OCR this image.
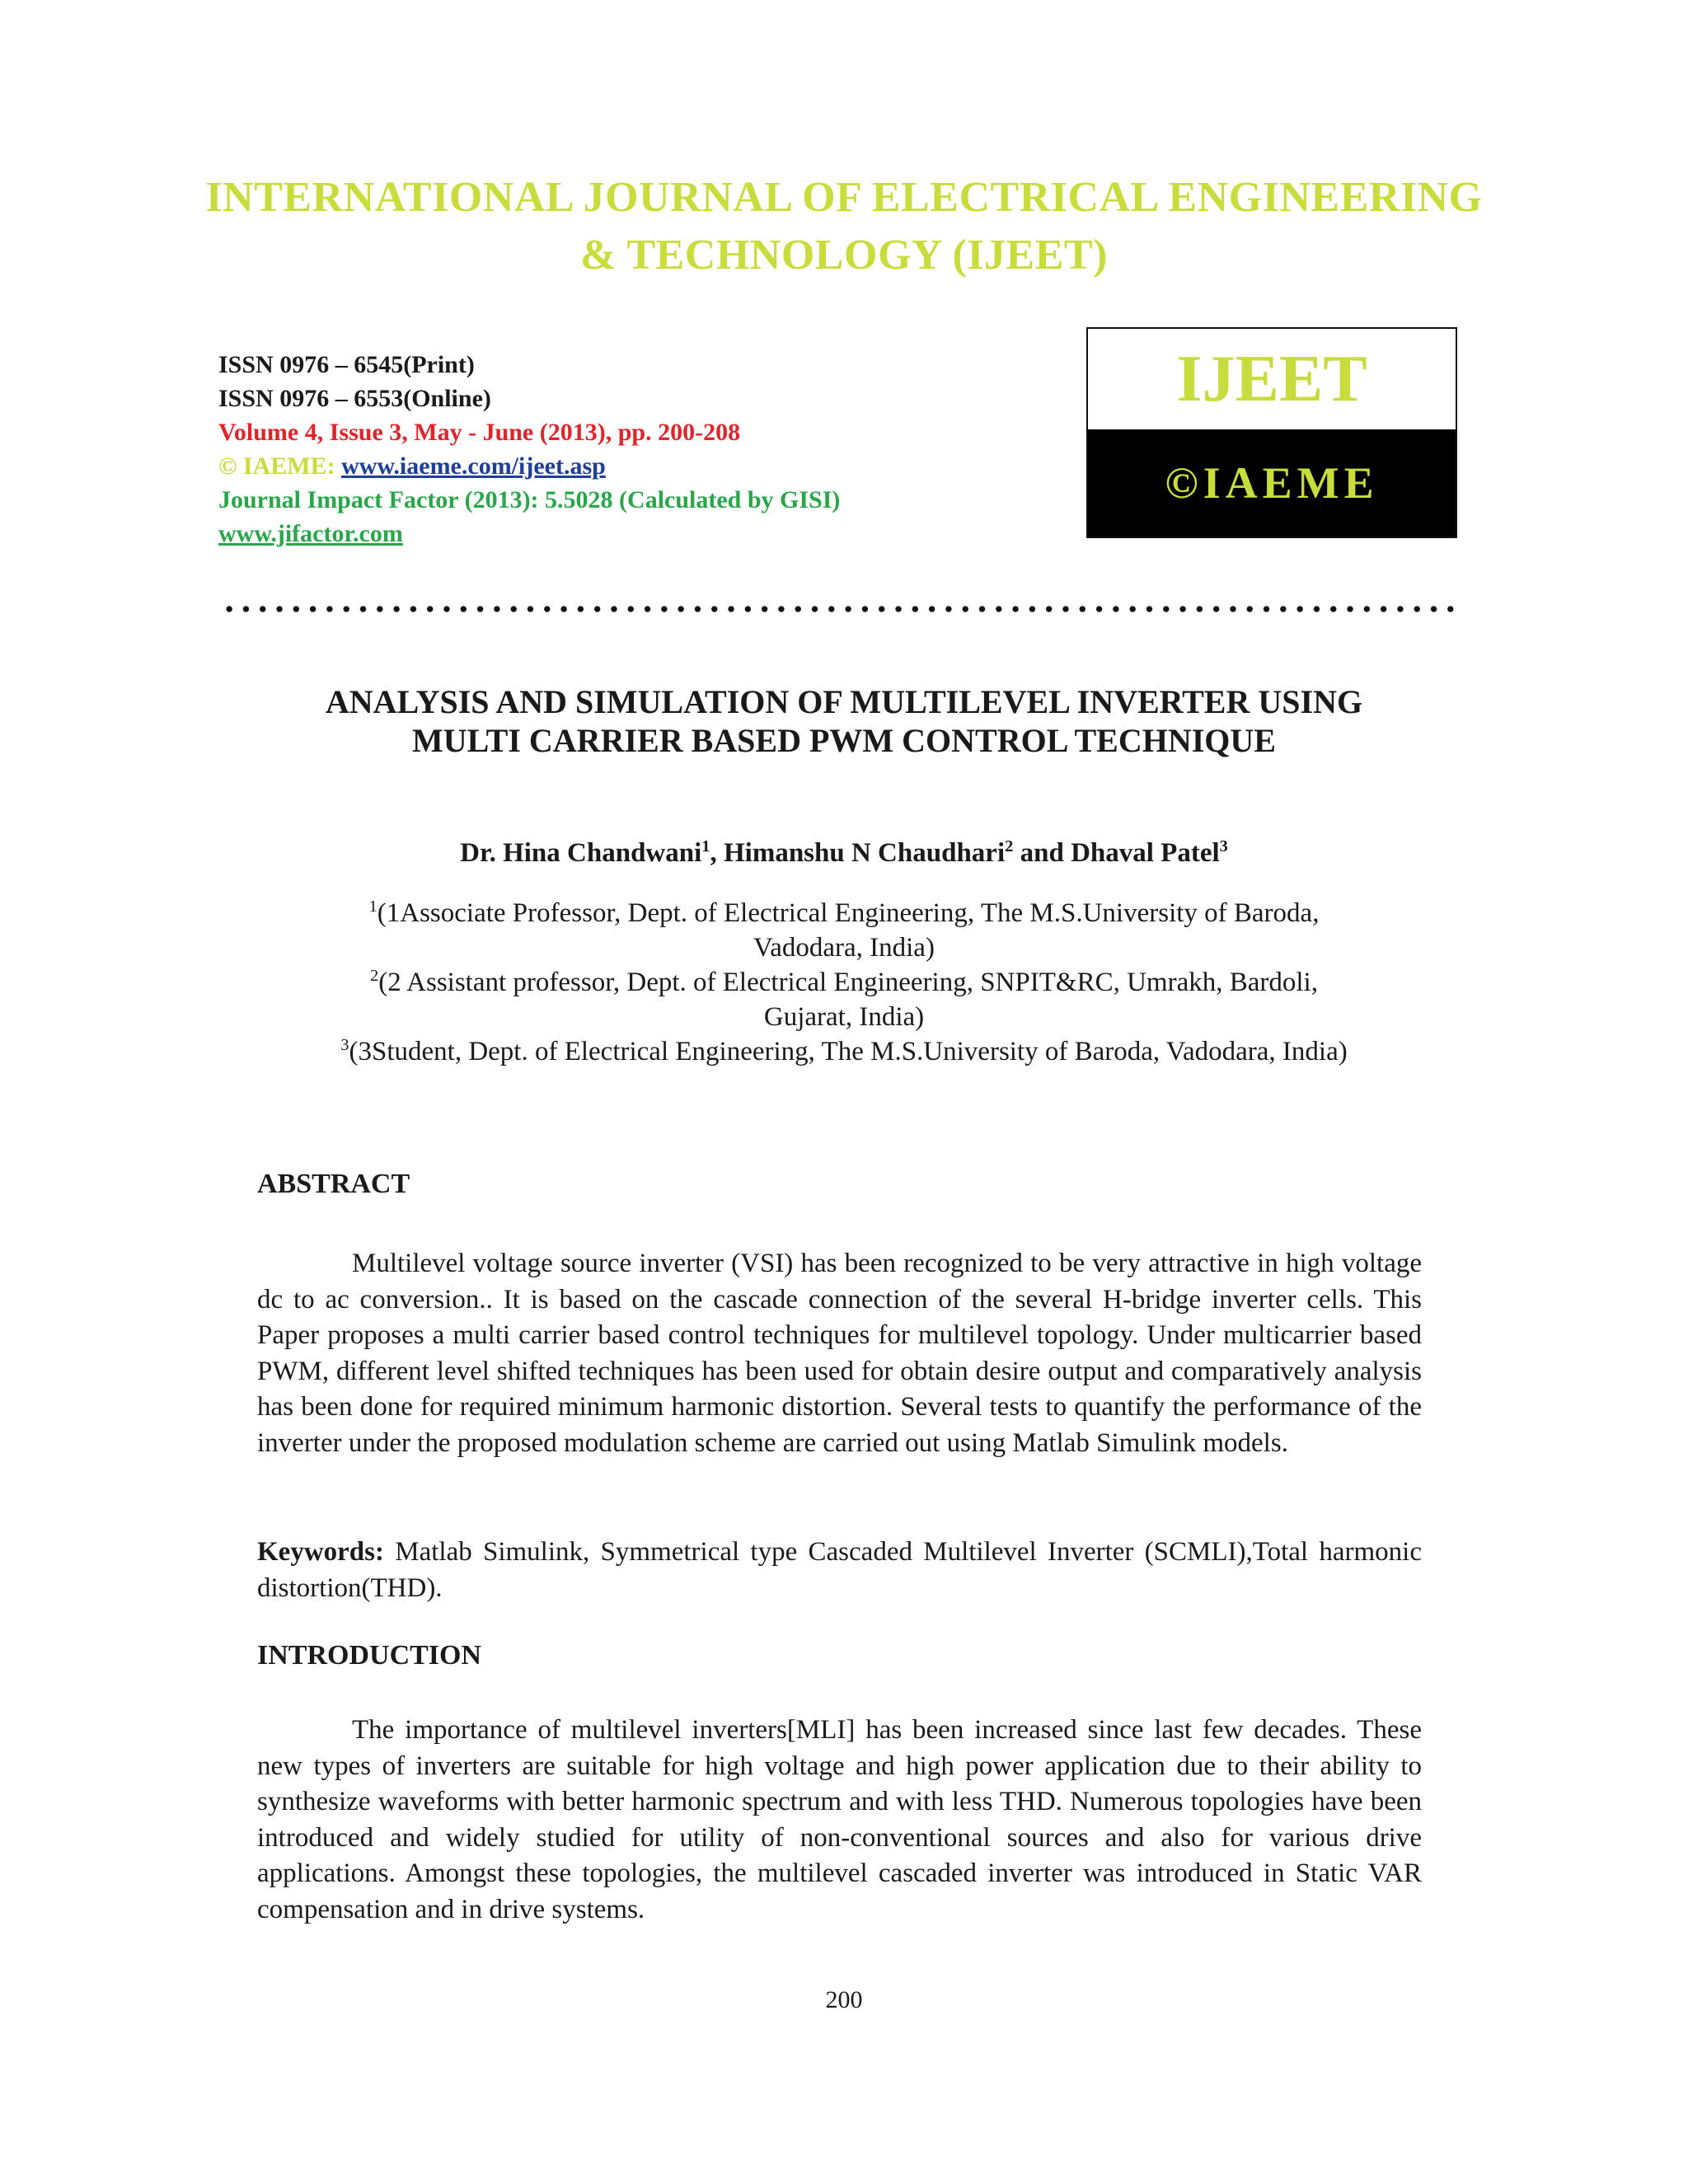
INTERNATIONAL JOURNAL OF ELECTRICAL ENGINEERING
& TECHNOLOGY (IJEET)
ISSN 0976 – 6545(Print)
ISSN 0976 – 6553(Online)
Volume 4, Issue 3, May - June (2013), pp. 200-208
© IAEME: www.iaeme.com/ijeet.asp
Journal Impact Factor (2013): 5.5028 (Calculated by GISI)
www.jifactor.com
IJEET
©IAEME
ANALYSIS AND SIMULATION OF MULTILEVEL INVERTER USING
MULTI CARRIER BASED PWM CONTROL TECHNIQUE
Dr. Hina Chandwani$^1$, Himanshu N Chaudhari$^2$ and Dhaval Patel$^3$
$^1$(1Associate Professor, Dept. of Electrical Engineering, The M.S.University of Baroda,
Vadodara, India)
$^2$(2 Assistant professor, Dept. of Electrical Engineering, SNPIT&RC, Umrakh, Bardoli,
Gujarat, India)
$^3$(3Student, Dept. of Electrical Engineering, The M.S.University of Baroda, Vadodara, India)
ABSTRACT

Multilevel voltage source inverter (VSI) has been recognized to be very attractive in high voltage dc to ac conversion.. It is based on the cascade connection of the several H-bridge inverter cells. This Paper proposes a multi carrier based control techniques for multilevel topology. Under multicarrier based PWM, different level shifted techniques has been used for obtain desire output and comparatively analysis has been done for required minimum harmonic distortion. Several tests to quantify the performance of the inverter under the proposed modulation scheme are carried out using Matlab Simulink models.

Keywords: Matlab Simulink, Symmetrical type Cascaded Multilevel Inverter (SCMLI),Total harmonic distortion(THD).

INTRODUCTION

The importance of multilevel inverters[MLI] has been increased since last few decades. These new types of inverters are suitable for high voltage and high power application due to their ability to synthesize waveforms with better harmonic spectrum and with less THD. Numerous topologies have been introduced and widely studied for utility of non-conventional sources and also for various drive applications. Amongst these topologies, the multilevel cascaded inverter was introduced in Static VAR compensation and in drive systems.

200
